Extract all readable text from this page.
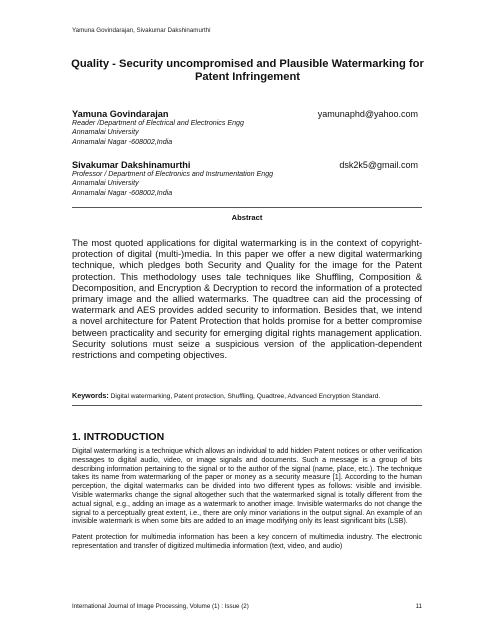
Yamuna Govindarajan, Sivakumar Dakshinamurthi
Quality - Security uncompromised and Plausible Watermarking for Patent Infringement
Yamuna Govindarajan	yamunaphd@yahoo.com
Reader /Department of Electrical and Electronics Engg
Annamalai University
Annamalai Nagar -608002,India
Sivakumar Dakshinamurthi	dsk2k5@gmail.com
Professor / Department of Electronics and Instrumentation Engg
Annamalai University
Annamalai Nagar -608002,India
Abstract
The most quoted applications for digital watermarking is in the context of copyright-protection of digital (multi-)media. In this paper we offer a new digital watermarking technique, which pledges both Security and Quality for the image for the Patent protection. This methodology uses tale techniques like Shuffling, Composition & Decomposition, and Encryption & Decryption to record the information of a protected primary image and the allied watermarks. The quadtree can aid the processing of watermark and AES provides added security to information. Besides that, we intend a novel architecture for Patent Protection that holds promise for a better compromise between practicality and security for emerging digital rights management application. Security solutions must seize a suspicious version of the application-dependent restrictions and competing objectives.
Keywords: Digital watermarking, Patent protection, Shuffling, Quadtree, Advanced Encryption Standard.
1. INTRODUCTION

Digital watermarking is a technique which allows an individual to add hidden Patent notices or other verification messages to digital audio, video, or image signals and documents. Such a message is a group of bits describing information pertaining to the signal or to the author of the signal (name, place, etc.). The technique takes its name from watermarking of the paper or money as a security measure [1]. According to the human perception, the digital watermarks can be divided into two different types as follows: visible and invisible. Visible watermarks change the signal altogether such that the watermarked signal is totally different from the actual signal, e.g., adding an image as a watermark to another image. Invisible watermarks do not change the signal to a perceptually great extent, i.e., there are only minor variations in the output signal. An example of an invisible watermark is when some bits are added to an image modifying only its least significant bits (LSB).

Patent protection for multimedia information has been a key concern of multimedia industry. The electronic representation and transfer of digitized multimedia information (text, video, and audio)

International Journal of Image Processing, Volume (1) : Issue (2)	11
